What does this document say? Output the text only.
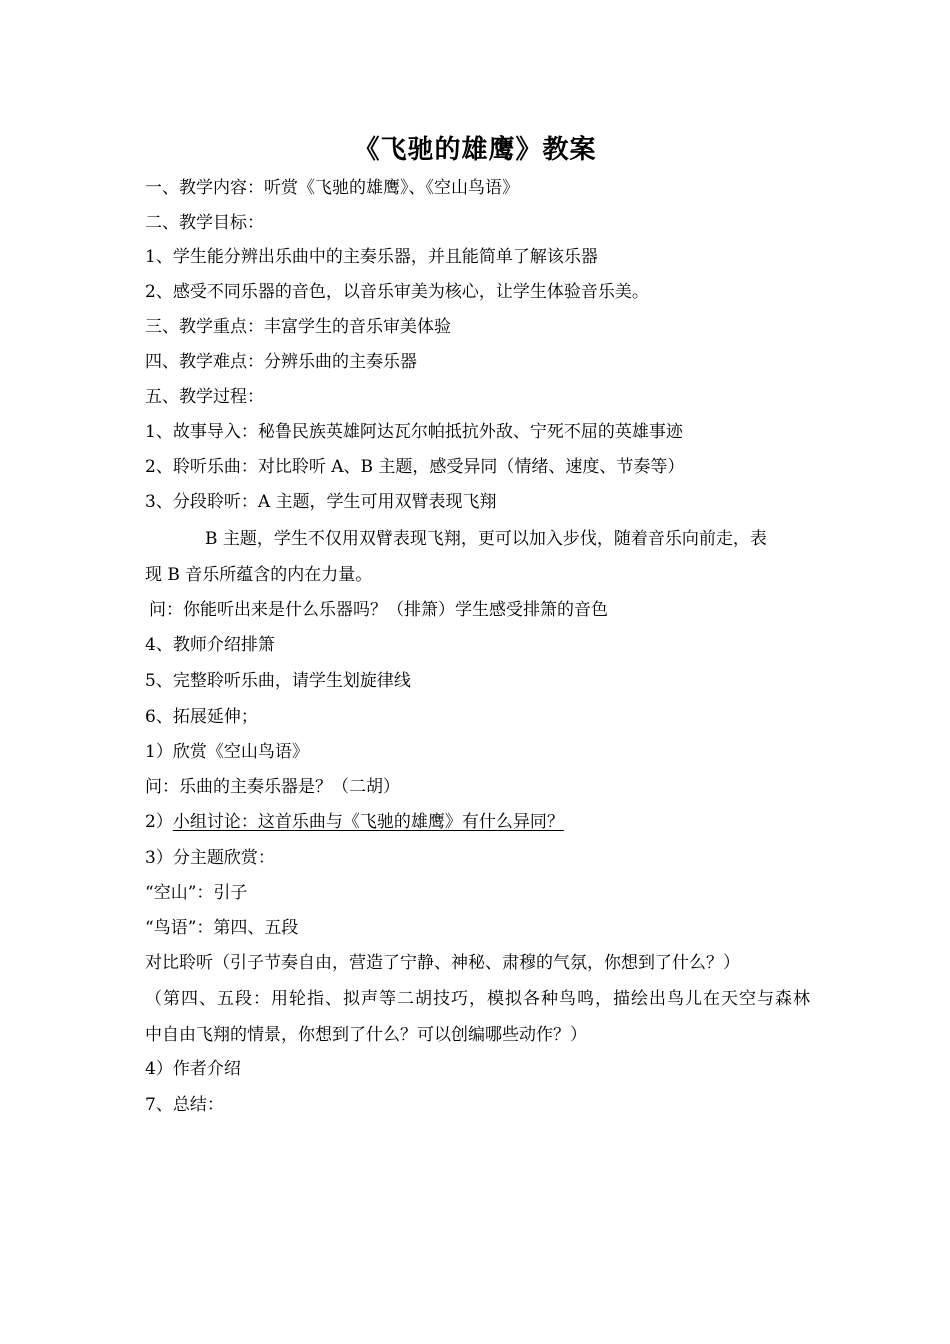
《飞驰的雄鹰》教案
一、教学内容：听赏《飞驰的雄鹰》、《空山鸟语》
二、教学目标：
1、学生能分辨出乐曲中的主奏乐器，并且能简单了解该乐器
2、感受不同乐器的音色，以音乐审美为核心，让学生体验音乐美。
三、教学重点：丰富学生的音乐审美体验
四、教学难点：分辨乐曲的主奏乐器
五、教学过程：
1、故事导入：秘鲁民族英雄阿达瓦尔帕抵抗外敌、宁死不屈的英雄事迹
2、聆听乐曲：对比聆听 A、B 主题，感受异同（情绪、速度、节奏等）
3、分段聆听：A 主题，学生可用双臂表现飞翔
B 主题，学生不仅用双臂表现飞翔，更可以加入步伐，随着音乐向前走，表
现 B 音乐所蕴含的内在力量。
问：你能听出来是什么乐器吗？（排箫）学生感受排箫的音色
4、教师介绍排箫
5、完整聆听乐曲，请学生划旋律线
6、拓展延伸；
1）欣赏《空山鸟语》
问：乐曲的主奏乐器是？（二胡）
2）小组讨论：这首乐曲与《飞驰的雄鹰》有什么异同？
3）分主题欣赏：
“空山”：引子
“鸟语”：第四、五段
对比聆听（引子节奏自由，营造了宁静、神秘、肃穆的气氛，你想到了什么？）
（第四、五段：用轮指、拟声等二胡技巧，模拟各种鸟鸣，描绘出鸟儿在天空与森林
中自由飞翔的情景，你想到了什么？可以创编哪些动作？）
4）作者介绍
7、总结：
